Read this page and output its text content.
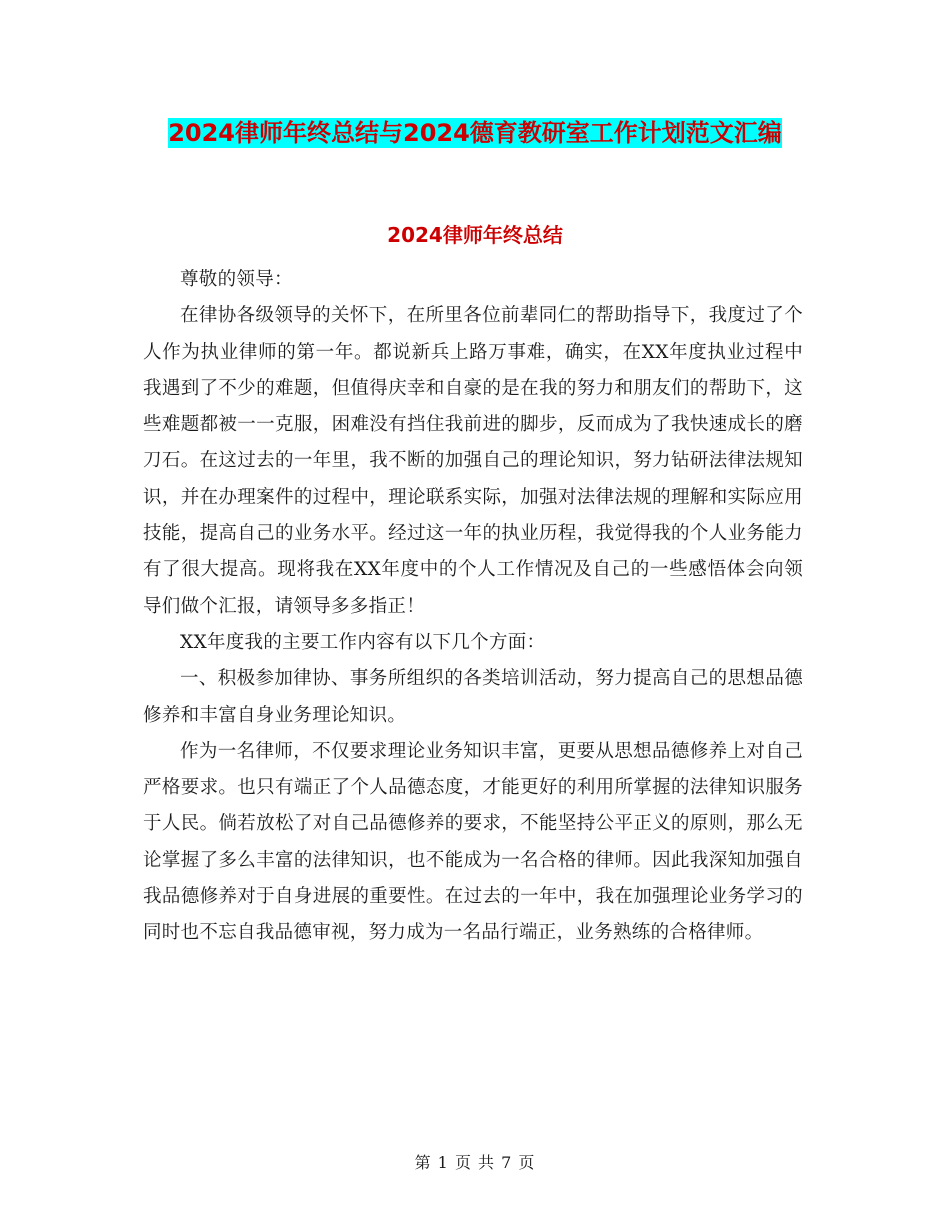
2024律师年终总结与2024德育教研室工作计划范文汇编
2024律师年终总结

尊敬的领导：

在律协各级领导的关怀下，在所里各位前辈同仁的帮助指导下，我度过了个人作为执业律师的第一年。都说新兵上路万事难，确实，在XX年度执业过程中我遇到了不少的难题，但值得庆幸和自豪的是在我的努力和朋友们的帮助下，这些难题都被一一克服，困难没有挡住我前进的脚步，反而成为了我快速成长的磨刀石。在这过去的一年里，我不断的加强自己的理论知识，努力钻研法律法规知识，并在办理案件的过程中，理论联系实际，加强对法律法规的理解和实际应用技能，提高自己的业务水平。经过这一年的执业历程，我觉得我的个人业务能力有了很大提高。现将我在XX年度中的个人工作情况及自己的一些感悟体会向领导们做个汇报，请领导多多指正！

XX年度我的主要工作内容有以下几个方面：

一、积极参加律协、事务所组织的各类培训活动，努力提高自己的思想品德修养和丰富自身业务理论知识。

作为一名律师，不仅要求理论业务知识丰富，更要从思想品德修养上对自己严格要求。也只有端正了个人品德态度，才能更好的利用所掌握的法律知识服务于人民。倘若放松了对自己品德修养的要求，不能坚持公平正义的原则，那么无论掌握了多么丰富的法律知识，也不能成为一名合格的律师。因此我深知加强自我品德修养对于自身进展的重要性。在过去的一年中，我在加强理论业务学习的同时也不忘自我品德审视，努力成为一名品行端正，业务熟练的合格律师。

第 1 页 共 7 页
